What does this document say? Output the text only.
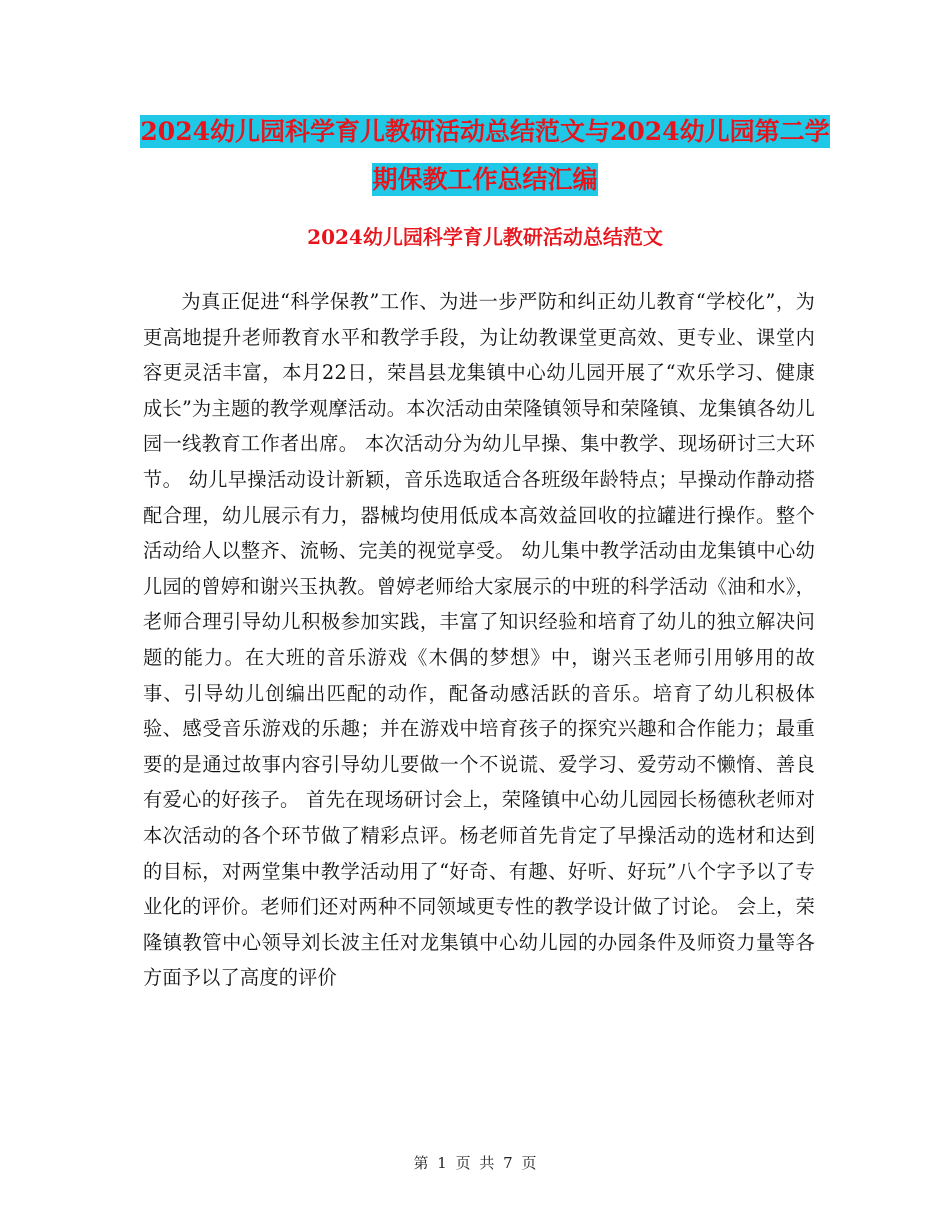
2024幼儿园科学育儿教研活动总结范文与2024幼儿园第二学期保教工作总结汇编
2024幼儿园科学育儿教研活动总结范文

为真正促进“科学保教”工作、为进一步严防和纠正幼儿教育“学校化”，为更高地提升老师教育水平和教学手段，为让幼教课堂更高效、更专业、课堂内容更灵活丰富，本月22日，荣昌县龙集镇中心幼儿园开展了“欢乐学习、健康成长”为主题的教学观摩活动。本次活动由荣隆镇领导和荣隆镇、龙集镇各幼儿园一线教育工作者出席。 本次活动分为幼儿早操、集中教学、现场研讨三大环节。 幼儿早操活动设计新颖，音乐选取适合各班级年龄特点；早操动作静动搭配合理，幼儿展示有力，器械均使用低成本高效益回收的拉罐进行操作。整个活动给人以整齐、流畅、完美的视觉享受。 幼儿集中教学活动由龙集镇中心幼儿园的曾婷和谢兴玉执教。曾婷老师给大家展示的中班的科学活动《油和水》，老师合理引导幼儿积极参加实践，丰富了知识经验和培育了幼儿的独立解决问题的能力。在大班的音乐游戏《木偶的梦想》中，谢兴玉老师引用够用的故事、引导幼儿创编出匹配的动作，配备动感活跃的音乐。培育了幼儿积极体验、感受音乐游戏的乐趣；并在游戏中培育孩子的探究兴趣和合作能力；最重要的是通过故事内容引导幼儿要做一个不说谎、爱学习、爱劳动不懒惰、善良有爱心的好孩子。 首先在现场研讨会上，荣隆镇中心幼儿园园长杨德秋老师对本次活动的各个环节做了精彩点评。杨老师首先肯定了早操活动的选材和达到的目标，对两堂集中教学活动用了“好奇、有趣、好听、好玩”八个字予以了专业化的评价。老师们还对两种不同领域更专性的教学设计做了讨论。 会上，荣隆镇教管中心领导刘长波主任对龙集镇中心幼儿园的办园条件及师资力量等各方面予以了高度的评价

第 1 页 共 7 页
